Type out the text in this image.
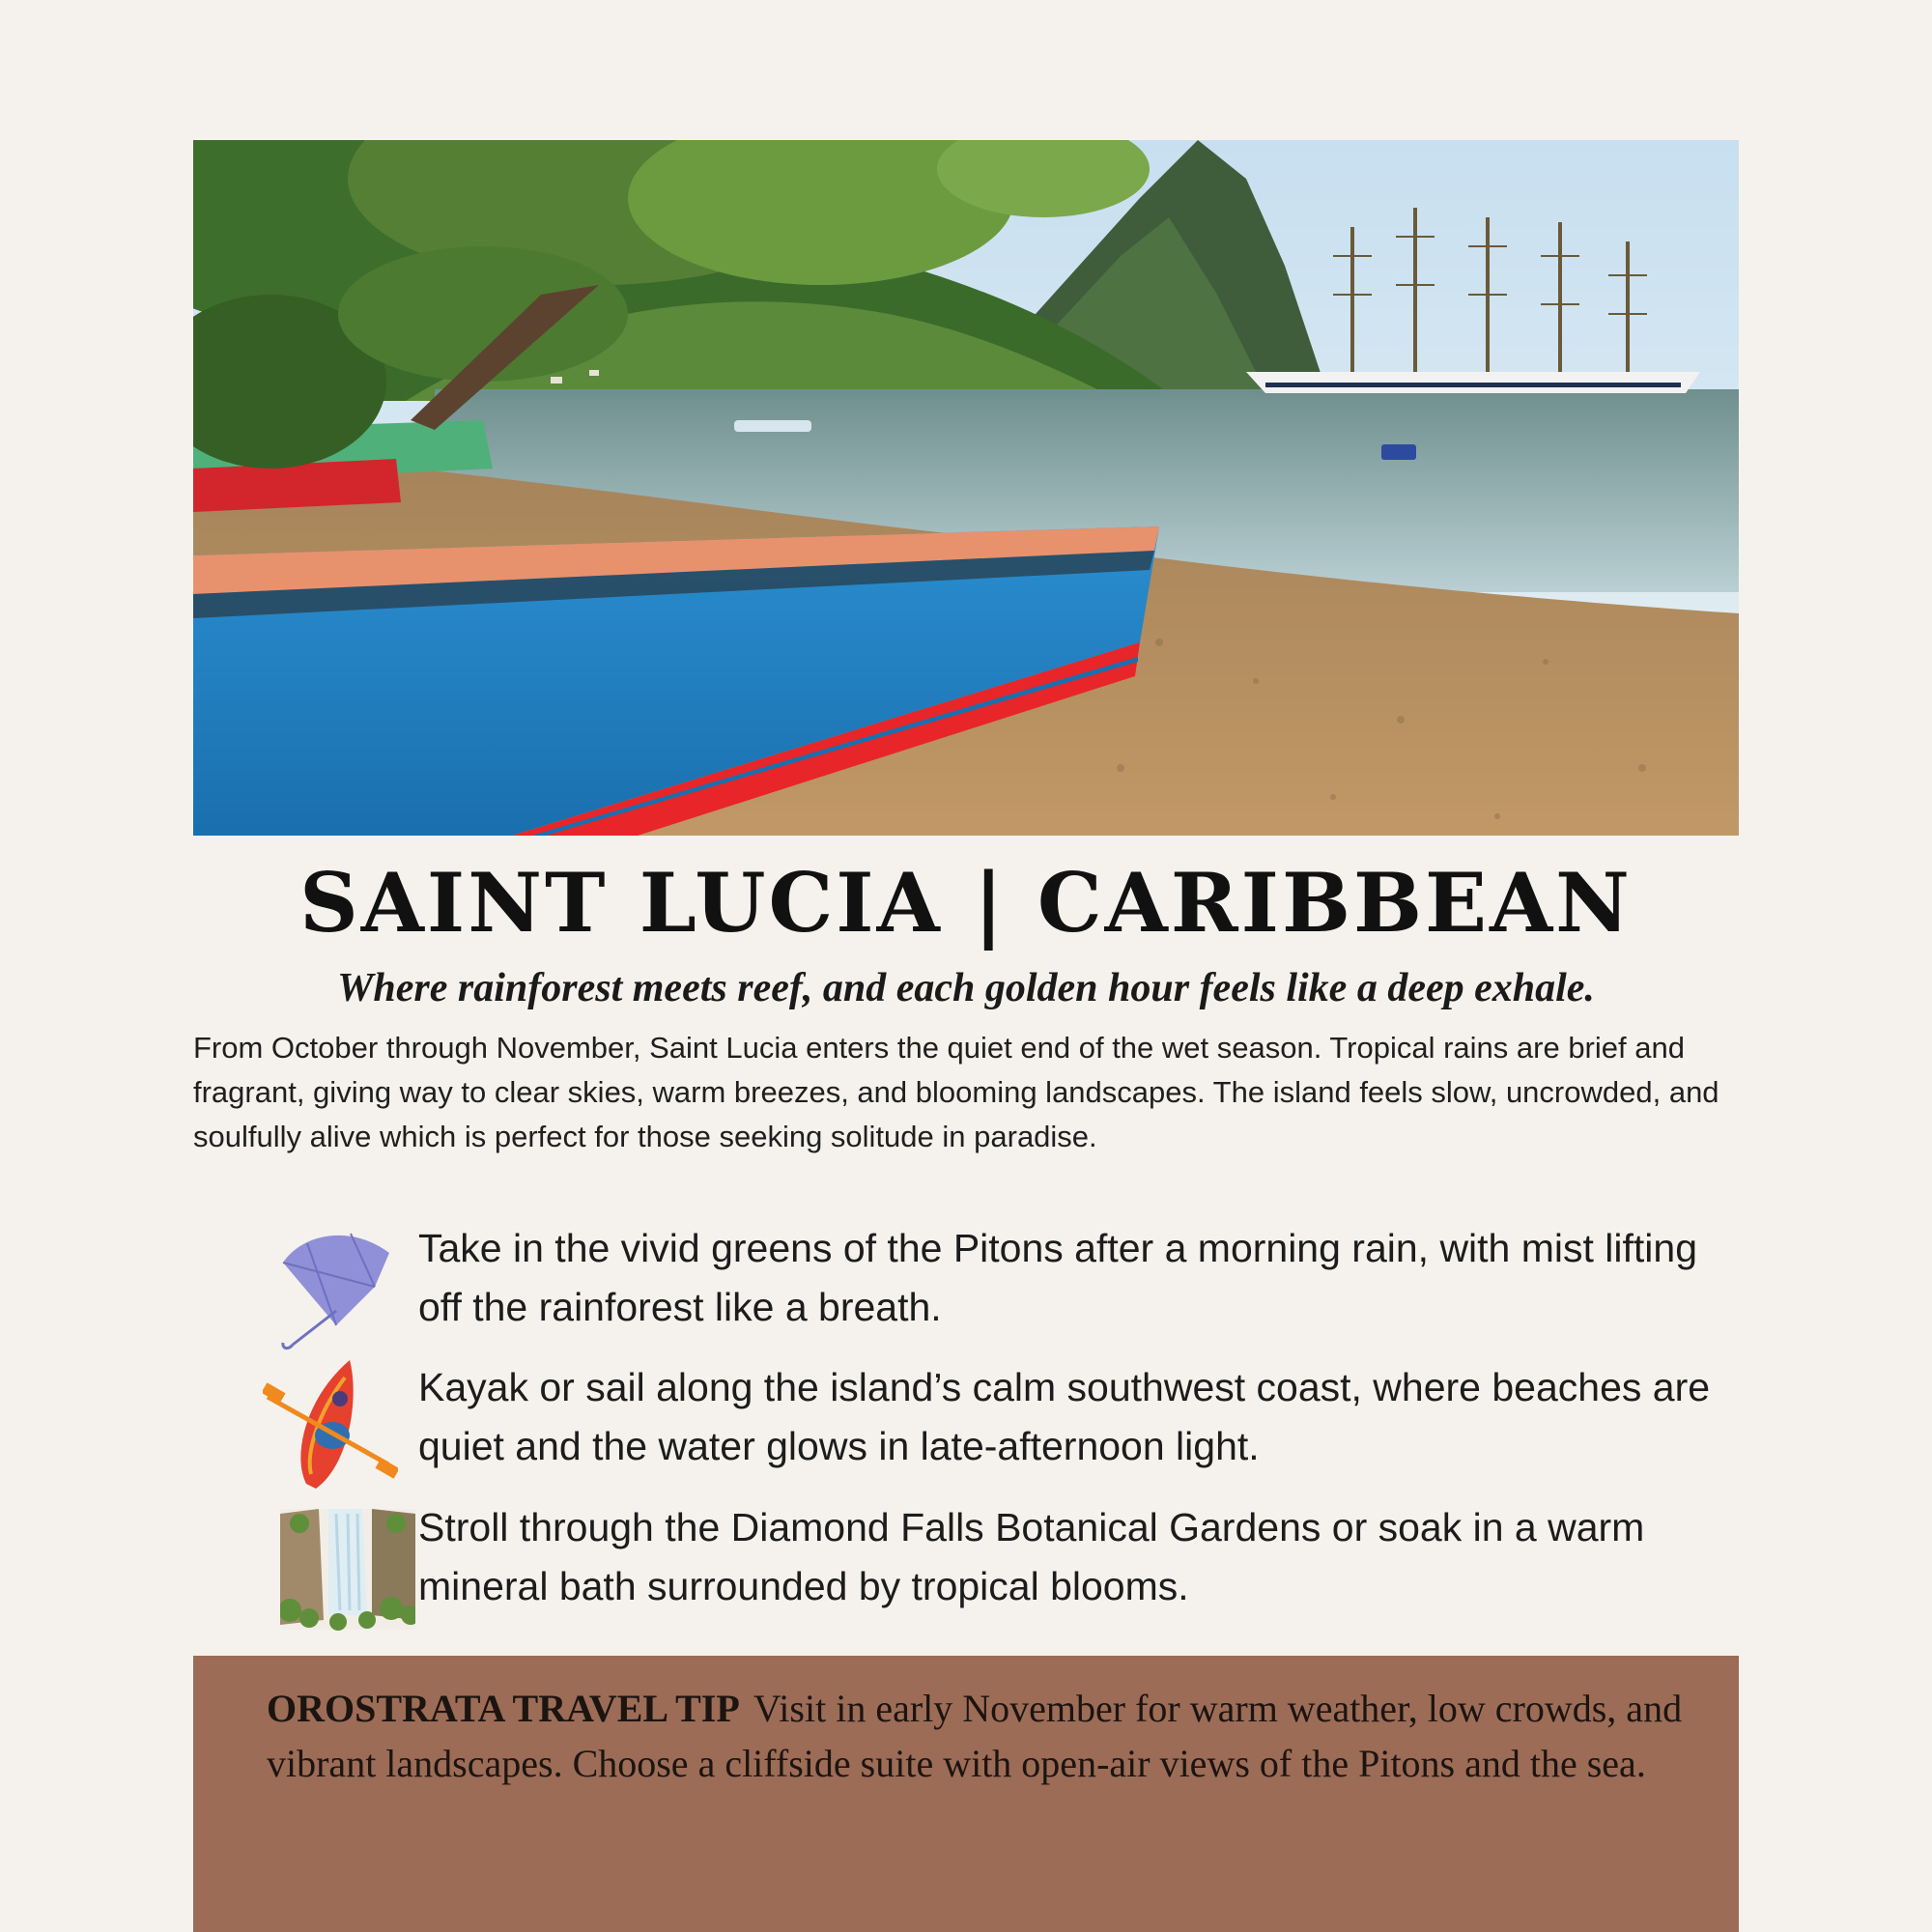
SAINT LUCIA | CARIBBEAN
Where rainforest meets reef, and each golden hour feels like a deep exhale.
From October through November, Saint Lucia enters the quiet end of the wet season. Tropical rains are brief and fragrant, giving way to clear skies, warm breezes, and blooming landscapes. The island feels slow, uncrowded, and soulfully alive which is perfect for those seeking solitude in paradise.
Take in the vivid greens of the Pitons after a morning rain, with mist lifting off the rainforest like a breath.
Kayak or sail along the island’s calm southwest coast, where beaches are quiet and the water glows in late-afternoon light.
Stroll through the Diamond Falls Botanical Gardens or soak in a warm mineral bath surrounded by tropical blooms.
OROSTRATA TRAVEL TIP Visit in early November for warm weather, low crowds, and vibrant landscapes. Choose a cliffside suite with open-air views of the Pitons and the sea.
